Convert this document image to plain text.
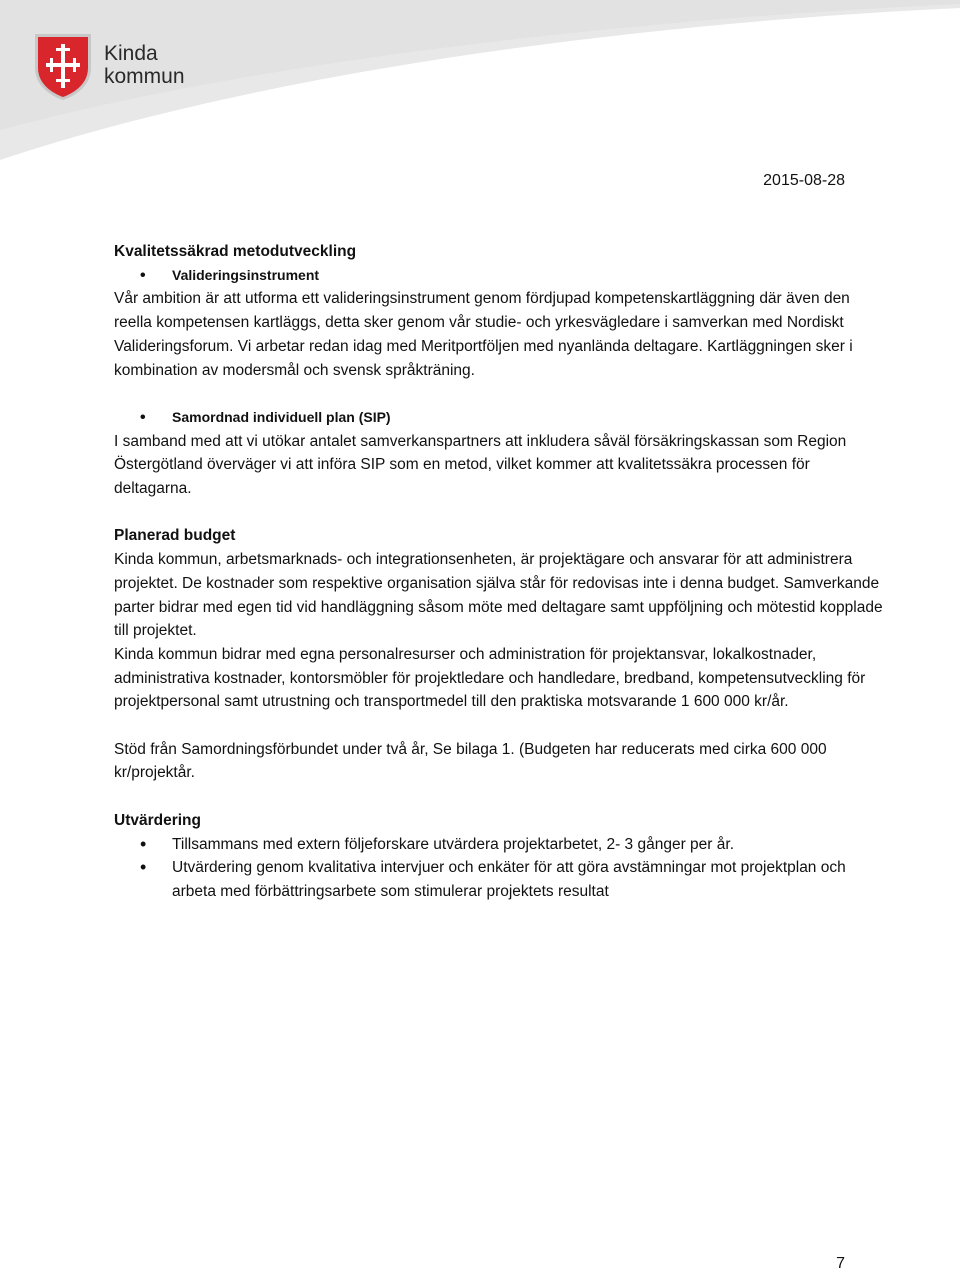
Kinda
kommun
2015-08-28

Kvalitetssäkrad metodutveckling

• Valideringsinstrument

Vår ambition är att utforma ett valideringsinstrument genom fördjupad kompetenskartläggning där även den reella kompetensen kartläggs, detta sker genom vår studie- och yrkesvägledare i samverkan med Nordiskt Valideringsforum. Vi arbetar redan idag med Meritportföljen med nyanlända deltagare. Kartläggningen sker i kombination av modersmål och svensk språkträning.

• Samordnad individuell plan (SIP)

I samband med att vi utökar antalet samverkanspartners att inkludera såväl försäkringskassan som Region Östergötland överväger vi att införa SIP som en metod, vilket kommer att kvalitetssäkra processen för deltagarna.

Planerad budget

Kinda kommun, arbetsmarknads- och integrationsenheten, är projektägare och ansvarar för att administrera projektet. De kostnader som respektive organisation själva står för redovisas inte i denna budget. Samverkande parter bidrar med egen tid vid handläggning såsom möte med deltagare samt uppföljning och mötestid kopplade till projektet.

Kinda kommun bidrar med egna personalresurser och administration för projektansvar, lokalkostnader, administrativa kostnader, kontorsmöbler för projektledare och handledare, bredband, kompetensutveckling för projektpersonal samt utrustning och transportmedel till den praktiska motsvarande 1 600 000 kr/år.

Stöd från Samordningsförbundet under två år, Se bilaga 1. (Budgeten har reducerats med cirka 600 000 kr/projektår.

Utvärdering

• Tillsammans med extern följeforskare utvärdera projektarbetet, 2- 3 gånger per år.
• Utvärdering genom kvalitativa intervjuer och enkäter för att göra avstämningar mot projektplan och arbeta med förbättringsarbete som stimulerar projektets resultat
7
